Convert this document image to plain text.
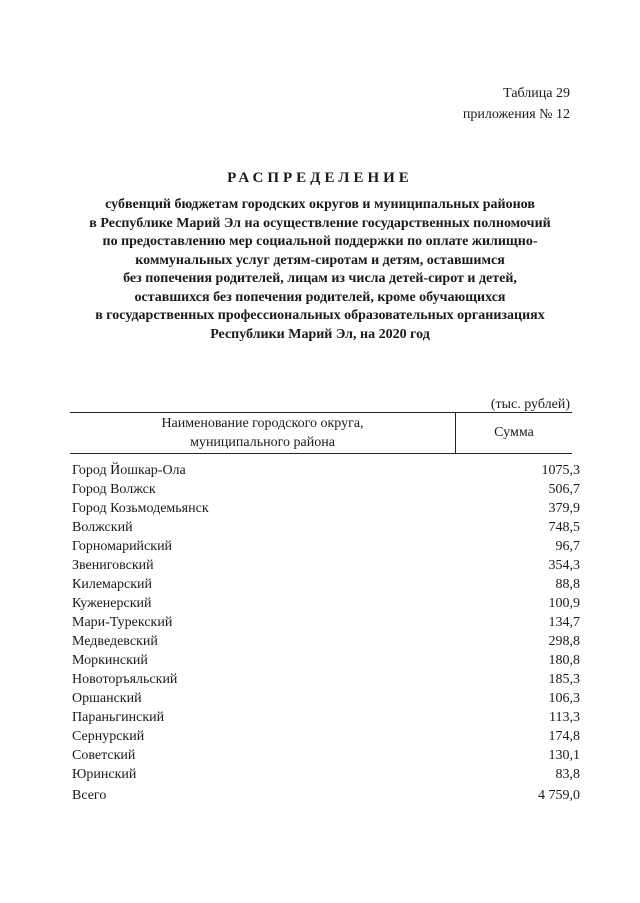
Таблица 29
приложения № 12
РАСПРЕДЕЛЕНИЕ
субвенций бюджетам городских округов и муниципальных районов
в Республике Марий Эл на осуществление государственных полномочий
по предоставлению мер социальной поддержки по оплате жилищно-
коммунальных услуг детям-сиротам и детям, оставшимся
без попечения родителей, лицам из числа детей-сирот и детей,
оставшихся без попечения родителей, кроме обучающихся
в государственных профессиональных образовательных организациях
Республики Марий Эл, на 2020 год
(тыс. рублей)
Наименование городского округа,
муниципального района
Сумма
Город Йошкар-Ола	1075,3
Город Волжск	506,7
Город Козьмодемьянск	379,9
Волжский	748,5
Горномарийский	96,7
Звениговский	354,3
Килемарский	88,8
Куженерский	100,9
Мари-Турекский	134,7
Медведевский	298,8
Моркинский	180,8
Новоторъяльский	185,3
Оршанский	106,3
Параньгинский	113,3
Сернурский	174,8
Советский	130,1
Юринский	83,8
Всего	4 759,0
